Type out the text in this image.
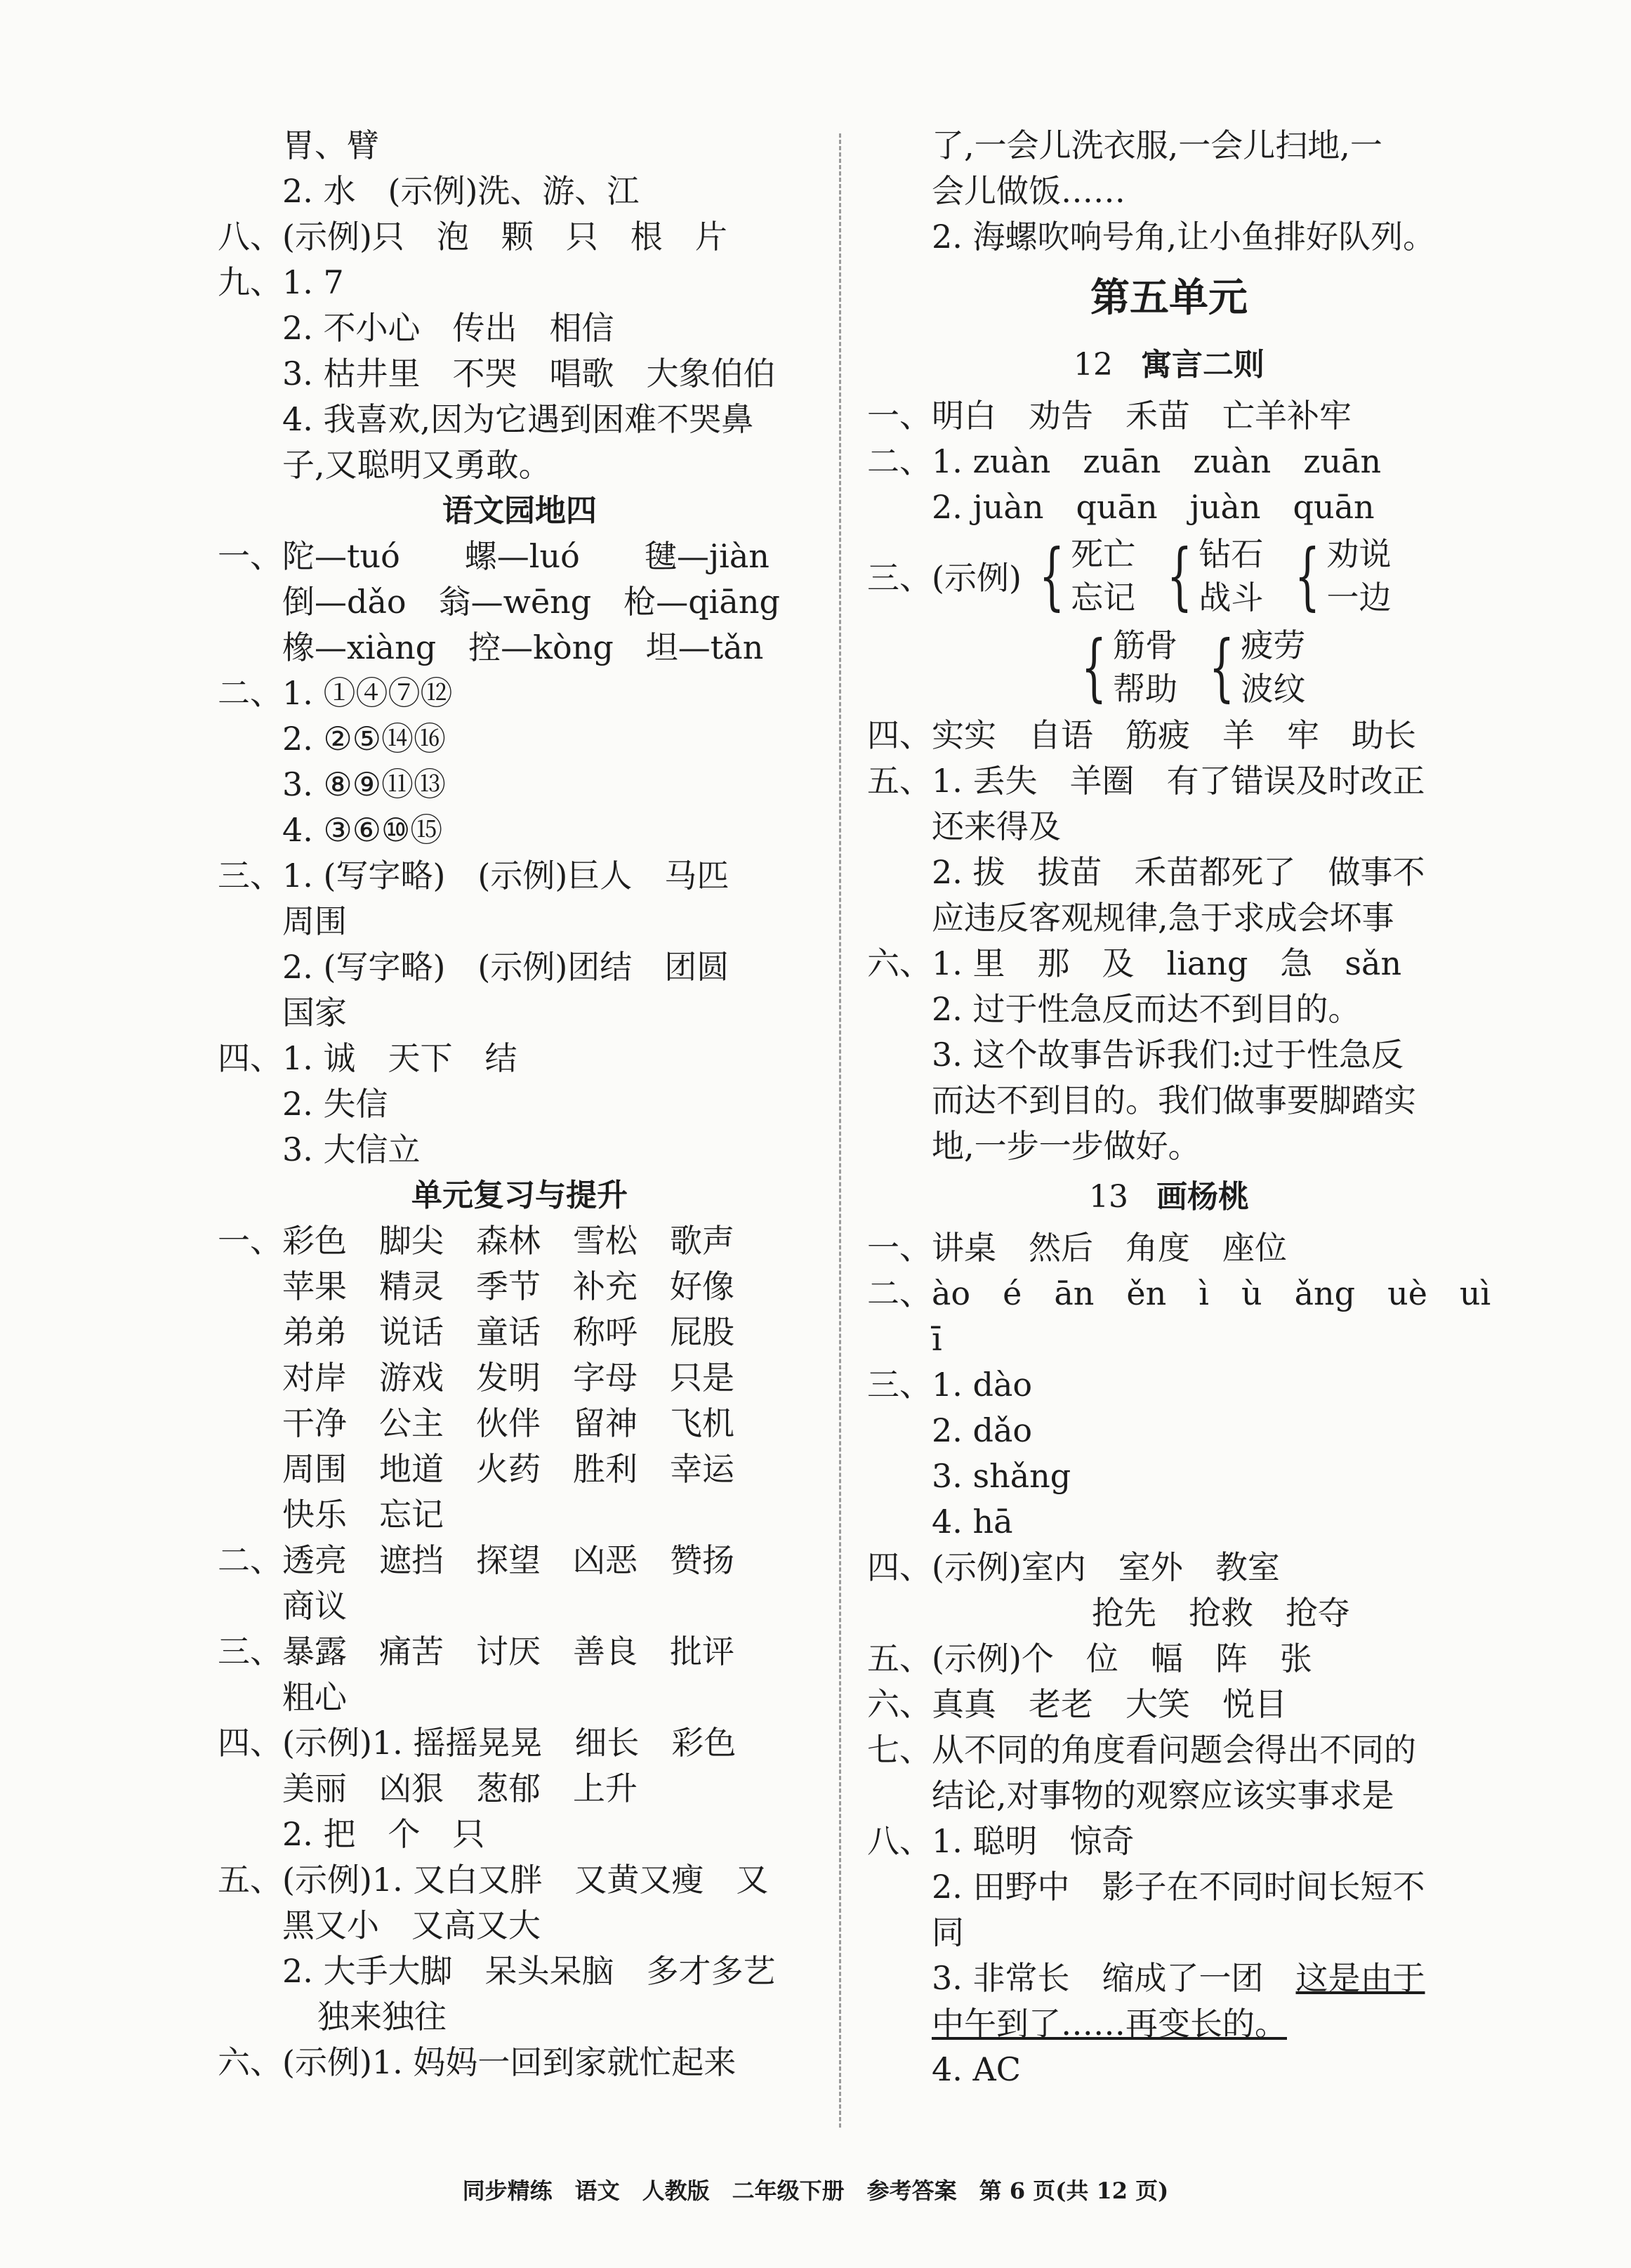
胃、臂
2. 水　(示例)洗、游、江
八、(示例)只　泡　颗　只　根　片
九、1. 7
2. 不小心　传出　相信
3. 枯井里　不哭　唱歌　大象伯伯
4. 我喜欢,因为它遇到困难不哭鼻
子,又聪明又勇敢。
语文园地四
一、陀—tuó　　螺—luó　　毽—jiàn
倒—dǎo　翁—wēng　枪—qiāng
橡—xiàng　控—kòng　坦—tǎn
二、1. ①④⑦⑫
2. ②⑤⑭⑯
3. ⑧⑨⑪⑬
4. ③⑥⑩⑮
三、1. (写字略)　(示例)巨人　马匹
周围
2. (写字略)　(示例)团结　团圆
国家
四、1. 诚　天下　结
2. 失信
3. 大信立
单元复习与提升
一、彩色　脚尖　森林　雪松　歌声
苹果　精灵　季节　补充　好像
弟弟　说话　童话　称呼　屁股
对岸　游戏　发明　字母　只是
干净　公主　伙伴　留神　飞机
周围　地道　火药　胜利　幸运
快乐　忘记
二、透亮　遮挡　探望　凶恶　赞扬
商议
三、暴露　痛苦　讨厌　善良　批评
粗心
四、(示例)1. 摇摇晃晃　细长　彩色
美丽　凶狠　葱郁　上升
2. 把　个　只
五、(示例)1. 又白又胖　又黄又瘦　又
黑又小　又高又大
2. 大手大脚　呆头呆脑　多才多艺
独来独往
六、(示例)1. 妈妈一回到家就忙起来
了,一会儿洗衣服,一会儿扫地,一
会儿做饭……
2. 海螺吹响号角,让小鱼排好队列。
第五单元
12 寓言二则
一、明白　劝告　禾苗　亡羊补牢
二、1. zuàn　zuān　zuàn　zuān
2. juàn　quān　juàn　quān
三、(示例) { 死亡
忘记 { 钻石
战斗 { 劝说
一边
{ 筋骨
帮助 { 疲劳
波纹
四、实实　自语　筋疲　羊　牢　助长
五、1. 丢失　羊圈　有了错误及时改正
还来得及
2. 拔　拔苗　禾苗都死了　做事不
应违反客观规律,急于求成会坏事
六、1. 里　那　及　liang　急　sǎn
2. 过于性急反而达不到目的。
3. 这个故事告诉我们:过于性急反
而达不到目的。我们做事要脚踏实
地,一步一步做好。
13 画杨桃
一、讲桌　然后　角度　座位
二、ào　é　ān　ěn　ì　ù　ǎng　uè　uì
ī
三、1. dào
2. dǎo
3. shǎng
4. hā
四、(示例)室内　室外　教室
抢先　抢救　抢夺
五、(示例)个　位　幅　阵　张
六、真真　老老　大笑　悦目
七、从不同的角度看问题会得出不同的
结论,对事物的观察应该实事求是
八、1. 聪明　惊奇
2. 田野中　影子在不同时间长短不
同
3. 非常长　缩成了一团　这是由于
中午到了……再变长的。
4. AC
同步精练　语文　人教版　二年级下册　参考答案　第 6 页(共 12 页)
